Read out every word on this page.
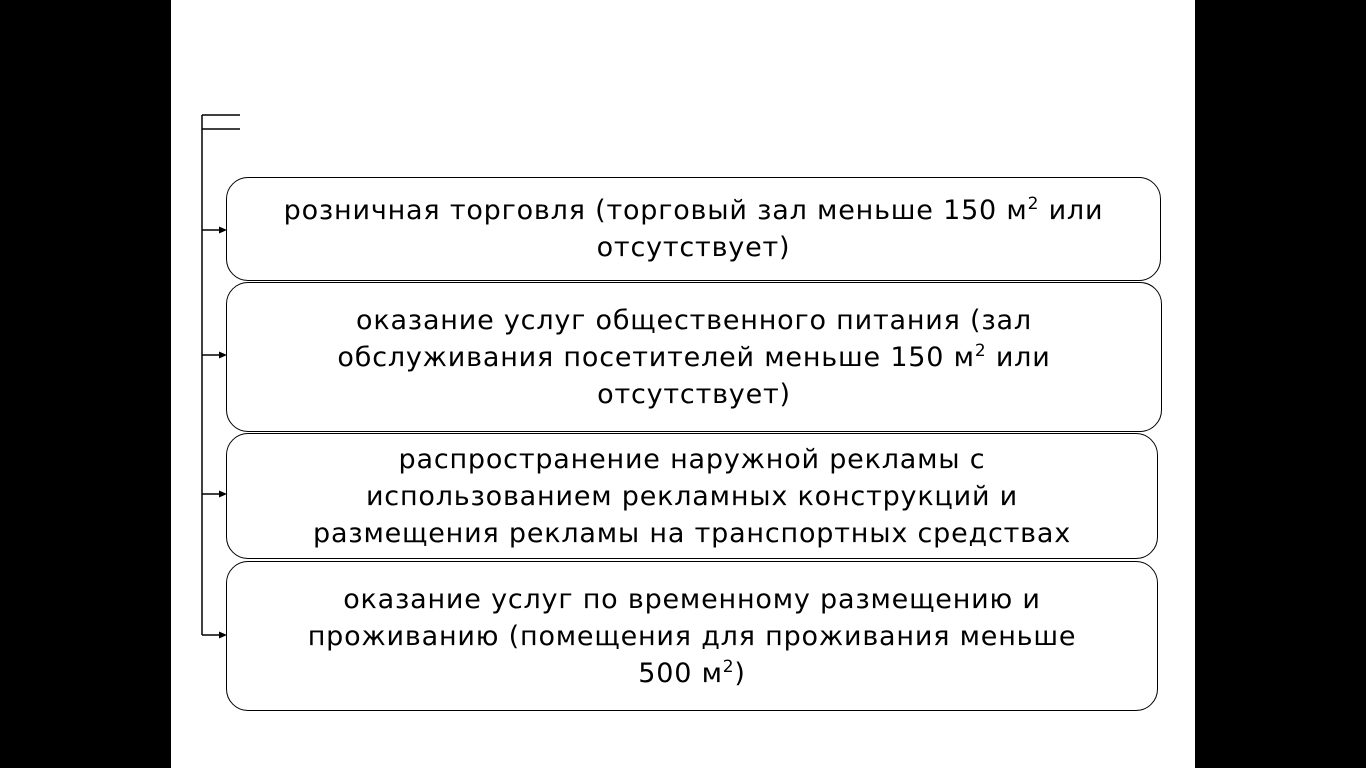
розничная торговля (торговый зал меньше 150 $м^2$ или
отсутствует)
оказание услуг общественного питания (зал
обслуживания посетителей меньше 150 $м^2$ или
отсутствует)
распространение наружной рекламы с
использованием рекламных конструкций и
размещения рекламы на транспортных средствах
оказание услуг по временному размещению и
проживанию (помещения для проживания меньше
500 $м^2$)
